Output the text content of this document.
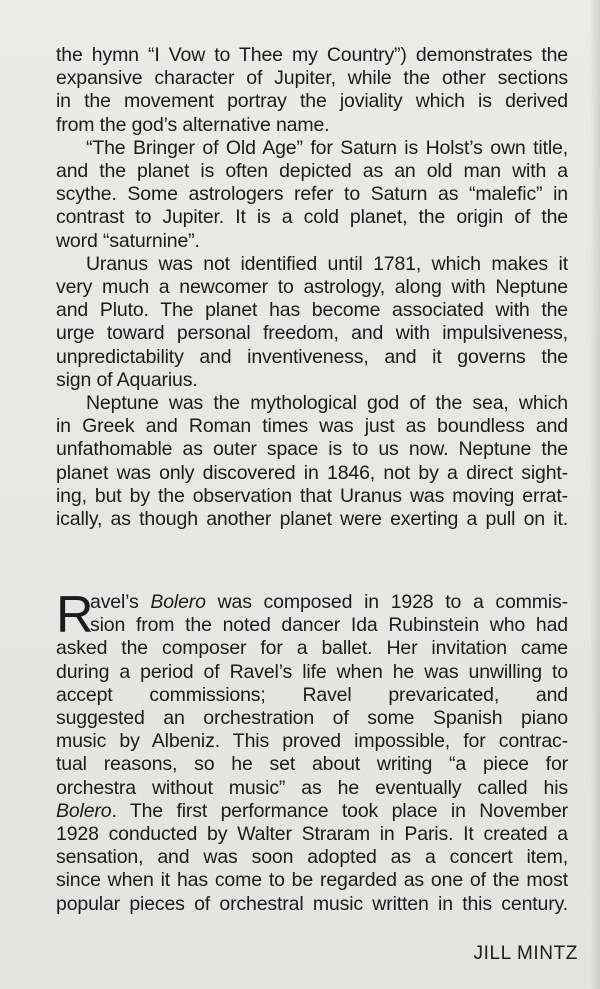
the hymn “I Vow to Thee my Country”) demonstrates the
expansive character of Jupiter, while the other sections
in the movement portray the joviality which is derived
from the god’s alternative name.
“The Bringer of Old Age” for Saturn is Holst’s own title,
and the planet is often depicted as an old man with a
scythe. Some astrologers refer to Saturn as “malefic” in
contrast to Jupiter. It is a cold planet, the origin of the
word “saturnine”.
Uranus was not identified until 1781, which makes it
very much a newcomer to astrology, along with Neptune
and Pluto. The planet has become associated with the
urge toward personal freedom, and with impulsiveness,
unpredictability and inventiveness, and it governs the
sign of Aquarius.
Neptune was the mythological god of the sea, which
in Greek and Roman times was just as boundless and
unfathomable as outer space is to us now. Neptune the
planet was only discovered in 1846, not by a direct sight-
ing, but by the observation that Uranus was moving errat-
ically, as though another planet were exerting a pull on it.
R
avel’s Bolero was composed in 1928 to a commis-
sion from the noted dancer Ida Rubinstein who had
asked the composer for a ballet. Her invitation came
during a period of Ravel’s life when he was unwilling to
accept commissions; Ravel prevaricated, and
suggested an orchestration of some Spanish piano
music by Albeniz. This proved impossible, for contrac-
tual reasons, so he set about writing “a piece for
orchestra without music” as he eventually called his
Bolero. The first performance took place in November
1928 conducted by Walter Straram in Paris. It created a
sensation, and was soon adopted as a concert item,
since when it has come to be regarded as one of the most
popular pieces of orchestral music written in this century.
JILL MINTZ
